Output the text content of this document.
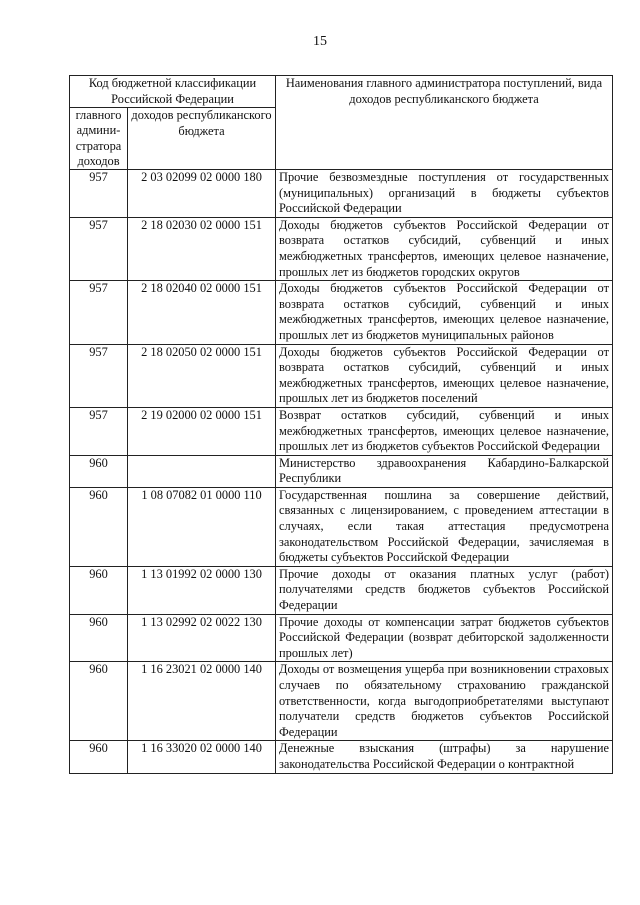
15
Код бюджетной классификации Российской Федерации		Наименования главного администратора поступлений, вида доходов республиканского бюджета
главного
админи-
стратора
доходов	доходов республиканского бюджета	
957	2 03 02099 02 0000 180	Прочие безвозмездные поступления от государственных (муниципальных) организаций в бюджеты субъектов Российской Федерации
957	2 18 02030 02 0000 151	Доходы бюджетов субъектов Российской Федерации от возврата остатков субсидий, субвенций и иных межбюджетных трансфертов, имеющих целевое назначение, прошлых лет из бюджетов городских округов
957	2 18 02040 02 0000 151	Доходы бюджетов субъектов Российской Федерации от возврата остатков субсидий, субвенций и иных межбюджетных трансфертов, имеющих целевое назначение, прошлых лет из бюджетов муниципальных районов
957	2 18 02050 02 0000 151	Доходы бюджетов субъектов Российской Федерации от возврата остатков субсидий, субвенций и иных межбюджетных трансфертов, имеющих целевое назначение, прошлых лет из бюджетов поселений
957	2 19 02000 02 0000 151	Возврат остатков субсидий, субвенций и иных межбюджетных трансфертов, имеющих целевое назначение, прошлых лет из бюджетов субъектов Российской Федерации
960		Министерство здравоохранения Кабардино-Балкарской Республики
960	1 08 07082 01 0000 110	Государственная пошлина за совершение действий, связанных с лицензированием, с проведением аттестации в случаях, если такая аттестация предусмотрена законодательством Российской Федерации, зачисляемая в бюджеты субъектов Российской Федерации
960	1 13 01992 02 0000 130	Прочие доходы от оказания платных услуг (работ) получателями средств бюджетов субъектов Российской Федерации
960	1 13 02992 02 0022 130	Прочие доходы от компенсации затрат бюджетов субъектов Российской Федерации (возврат дебиторской задолженности прошлых лет)
960	1 16 23021 02 0000 140	Доходы от возмещения ущерба при возникновении страховых случаев по обязательному страхованию гражданской ответственности, когда выгодоприобретателями выступают получатели средств бюджетов субъектов Российской Федерации
960	1 16 33020 02 0000 140	Денежные взыскания (штрафы) за нарушение законодательства Российской Федерации о контрактной
